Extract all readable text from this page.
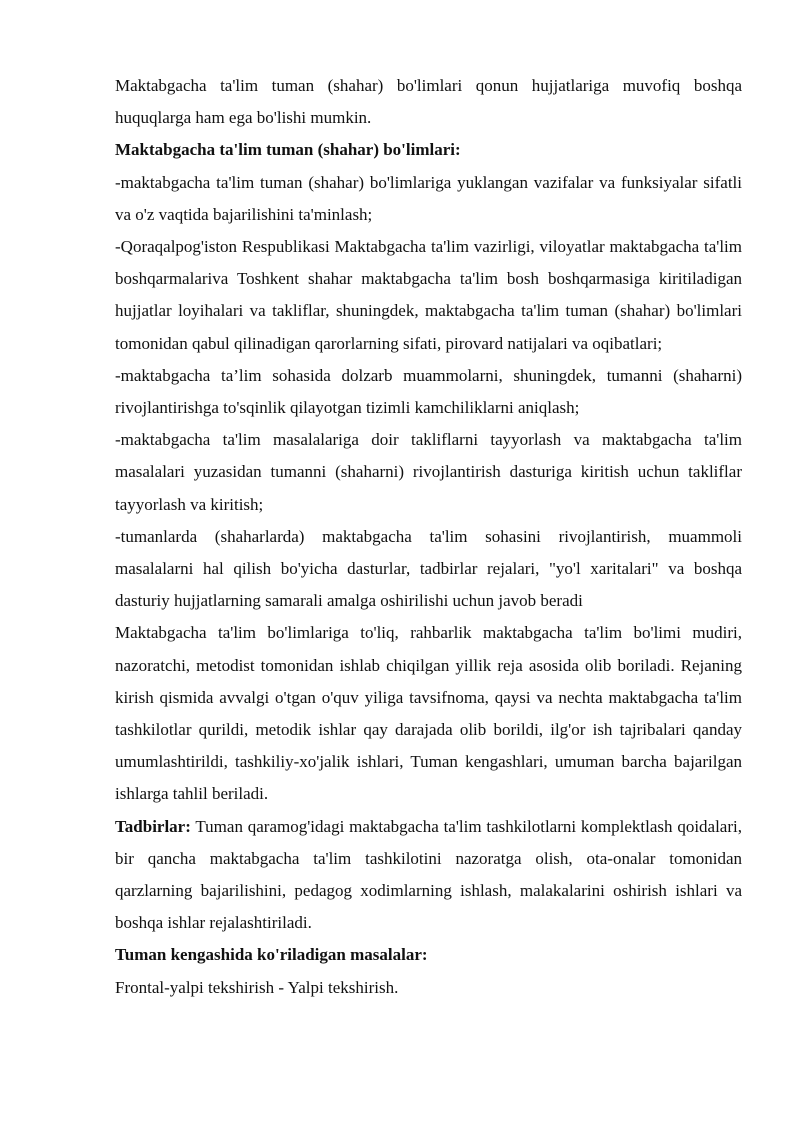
Maktabgacha ta'lim tuman (shahar) bo'limlari qonun hujjatlariga muvofiq boshqa huquqlarga ham ega bo'lishi mumkin.

Maktabgacha ta'lim tuman (shahar) bo'limlari:

-maktabgacha ta'lim tuman (shahar) bo'limlariga yuklangan vazifalar va funksiyalar sifatli va o'z vaqtida bajarilishini ta'minlash;

-Qoraqalpog'iston Respublikasi Maktabgacha ta'lim vazirligi, viloyatlar maktabgacha ta'lim boshqarmalariva Toshkent shahar maktabgacha ta'lim bosh boshqarmasiga kiritiladigan hujjatlar loyihalari va takliflar, shuningdek, maktabgacha ta'lim tuman (shahar) bo'limlari tomonidan qabul qilinadigan qarorlarning sifati, pirovard natijalari va oqibatlari;

-maktabgacha ta’lim sohasida dolzarb muammolarni, shuningdek, tumanni (shaharni) rivojlantirishga to'sqinlik qilayotgan tizimli kamchiliklarni aniqlash;

-maktabgacha ta'lim masalalariga doir takliflarni tayyorlash va maktabgacha ta'lim masalalari yuzasidan tumanni (shaharni) rivojlantirish dasturiga kiritish uchun takliflar tayyorlash va kiritish;

-tumanlarda (shaharlarda) maktabgacha ta'lim sohasini rivojlantirish, muammoli masalalarni hal qilish bo'yicha dasturlar, tadbirlar rejalari, "yo'l xaritalari" va boshqa dasturiy hujjatlarning samarali amalga oshirilishi uchun javob beradi

Maktabgacha ta'lim bo'limlariga to'liq, rahbarlik maktabgacha ta'lim bo'limi mudiri, nazoratchi, metodist tomonidan ishlab chiqilgan yillik reja asosida olib boriladi. Rejaning kirish qismida avvalgi o'tgan o'quv yiliga tavsifnoma, qaysi va nechta maktabgacha ta'lim tashkilotlar qurildi, metodik ishlar qay darajada olib borildi, ilg'or ish tajribalari qanday umumlashtirildi, tashkiliy-xo'jalik ishlari, Tuman kengashlari, umuman barcha bajarilgan ishlarga tahlil beriladi.

Tadbirlar: Tuman qaramog'idagi maktabgacha ta'lim tashkilotlarni komplektlash qoidalari, bir qancha maktabgacha ta'lim tashkilotini nazoratga olish, ota-onalar tomonidan qarzlarning bajarilishini, pedagog xodimlarning ishlash, malakalarini oshirish ishlari va boshqa ishlar rejalashtiriladi.

Tuman kengashida ko'riladigan masalalar:

Frontal-yalpi tekshirish - Yalpi tekshirish.
